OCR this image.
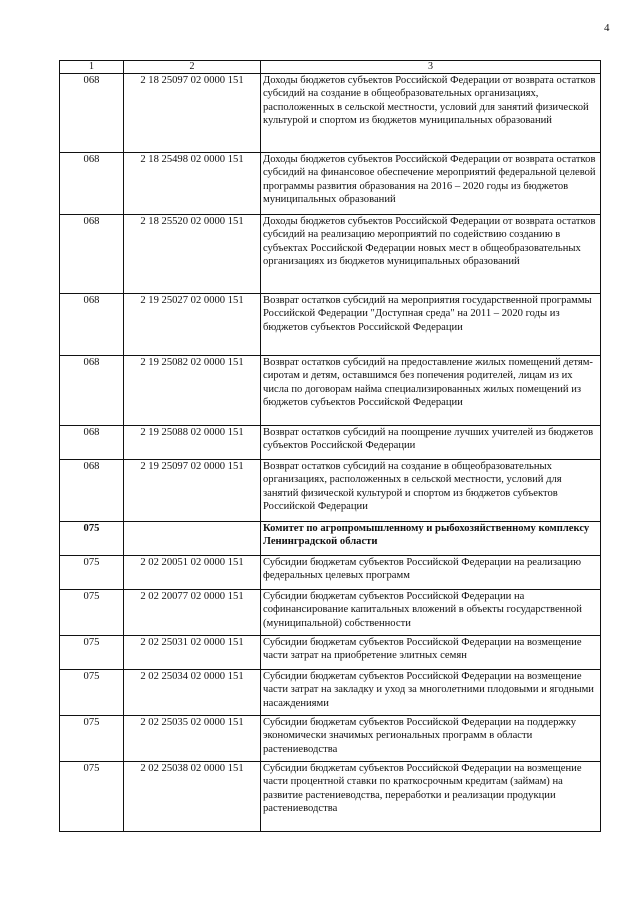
4
1	2	3
068	2 18 25097 02 0000 151	Доходы бюджетов субъектов Российской Федерации от возврата остатков субсидий на создание в общеобразовательных организациях, расположенных в сельской местности, условий для занятий физической культурой и спортом из бюджетов муниципальных образований
068	2 18 25498 02 0000 151	Доходы бюджетов субъектов Российской Федерации от возврата остатков субсидий на финансовое обеспечение мероприятий федеральной целевой программы развития образования на 2016 – 2020 годы из бюджетов муниципальных образований
068	2 18 25520 02 0000 151	Доходы бюджетов субъектов Российской Федерации от возврата остатков субсидий на реализацию мероприятий по содействию созданию в субъектах Российской Федерации новых мест в общеобразовательных организациях из бюджетов муниципальных образований
068	2 19 25027 02 0000 151	Возврат остатков субсидий на мероприятия государственной программы Российской Федерации "Доступная среда" на 2011 – 2020 годы из бюджетов субъектов Российской Федерации
068	2 19 25082 02 0000 151	Возврат остатков субсидий на предоставление жилых помещений детям-сиротам и детям, оставшимся без попечения родителей, лицам из их числа по договорам найма специализированных жилых помещений из бюджетов субъектов Российской Федерации
068	2 19 25088 02 0000 151	Возврат остатков субсидий на поощрение лучших учителей из бюджетов субъектов Российской Федерации
068	2 19 25097 02 0000 151	Возврат остатков субсидий на создание в общеобразовательных организациях, расположенных в сельской местности, условий для занятий физической культурой и спортом из бюджетов субъектов Российской Федерации
075		Комитет по агропромышленному и рыбохозяйственному комплексу Ленинградской области
075	2 02 20051 02 0000 151	Субсидии бюджетам субъектов Российской Федерации на реализацию федеральных целевых программ
075	2 02 20077 02 0000 151	Субсидии бюджетам субъектов Российской Федерации на софинансирование капитальных вложений в объекты государственной (муниципальной) собственности
075	2 02 25031 02 0000 151	Субсидии бюджетам субъектов Российской Федерации на возмещение части затрат на приобретение элитных семян
075	2 02 25034 02 0000 151	Субсидии бюджетам субъектов Российской Федерации на возмещение части затрат на закладку и уход за многолетними плодовыми и ягодными насаждениями
075	2 02 25035 02 0000 151	Субсидии бюджетам субъектов Российской Федерации на поддержку экономически значимых региональных программ в области растениеводства
075	2 02 25038 02 0000 151	Субсидии бюджетам субъектов Российской Федерации на возмещение части процентной ставки по краткосрочным кредитам (займам) на развитие растениеводства, переработки и реализации продукции растениеводства
